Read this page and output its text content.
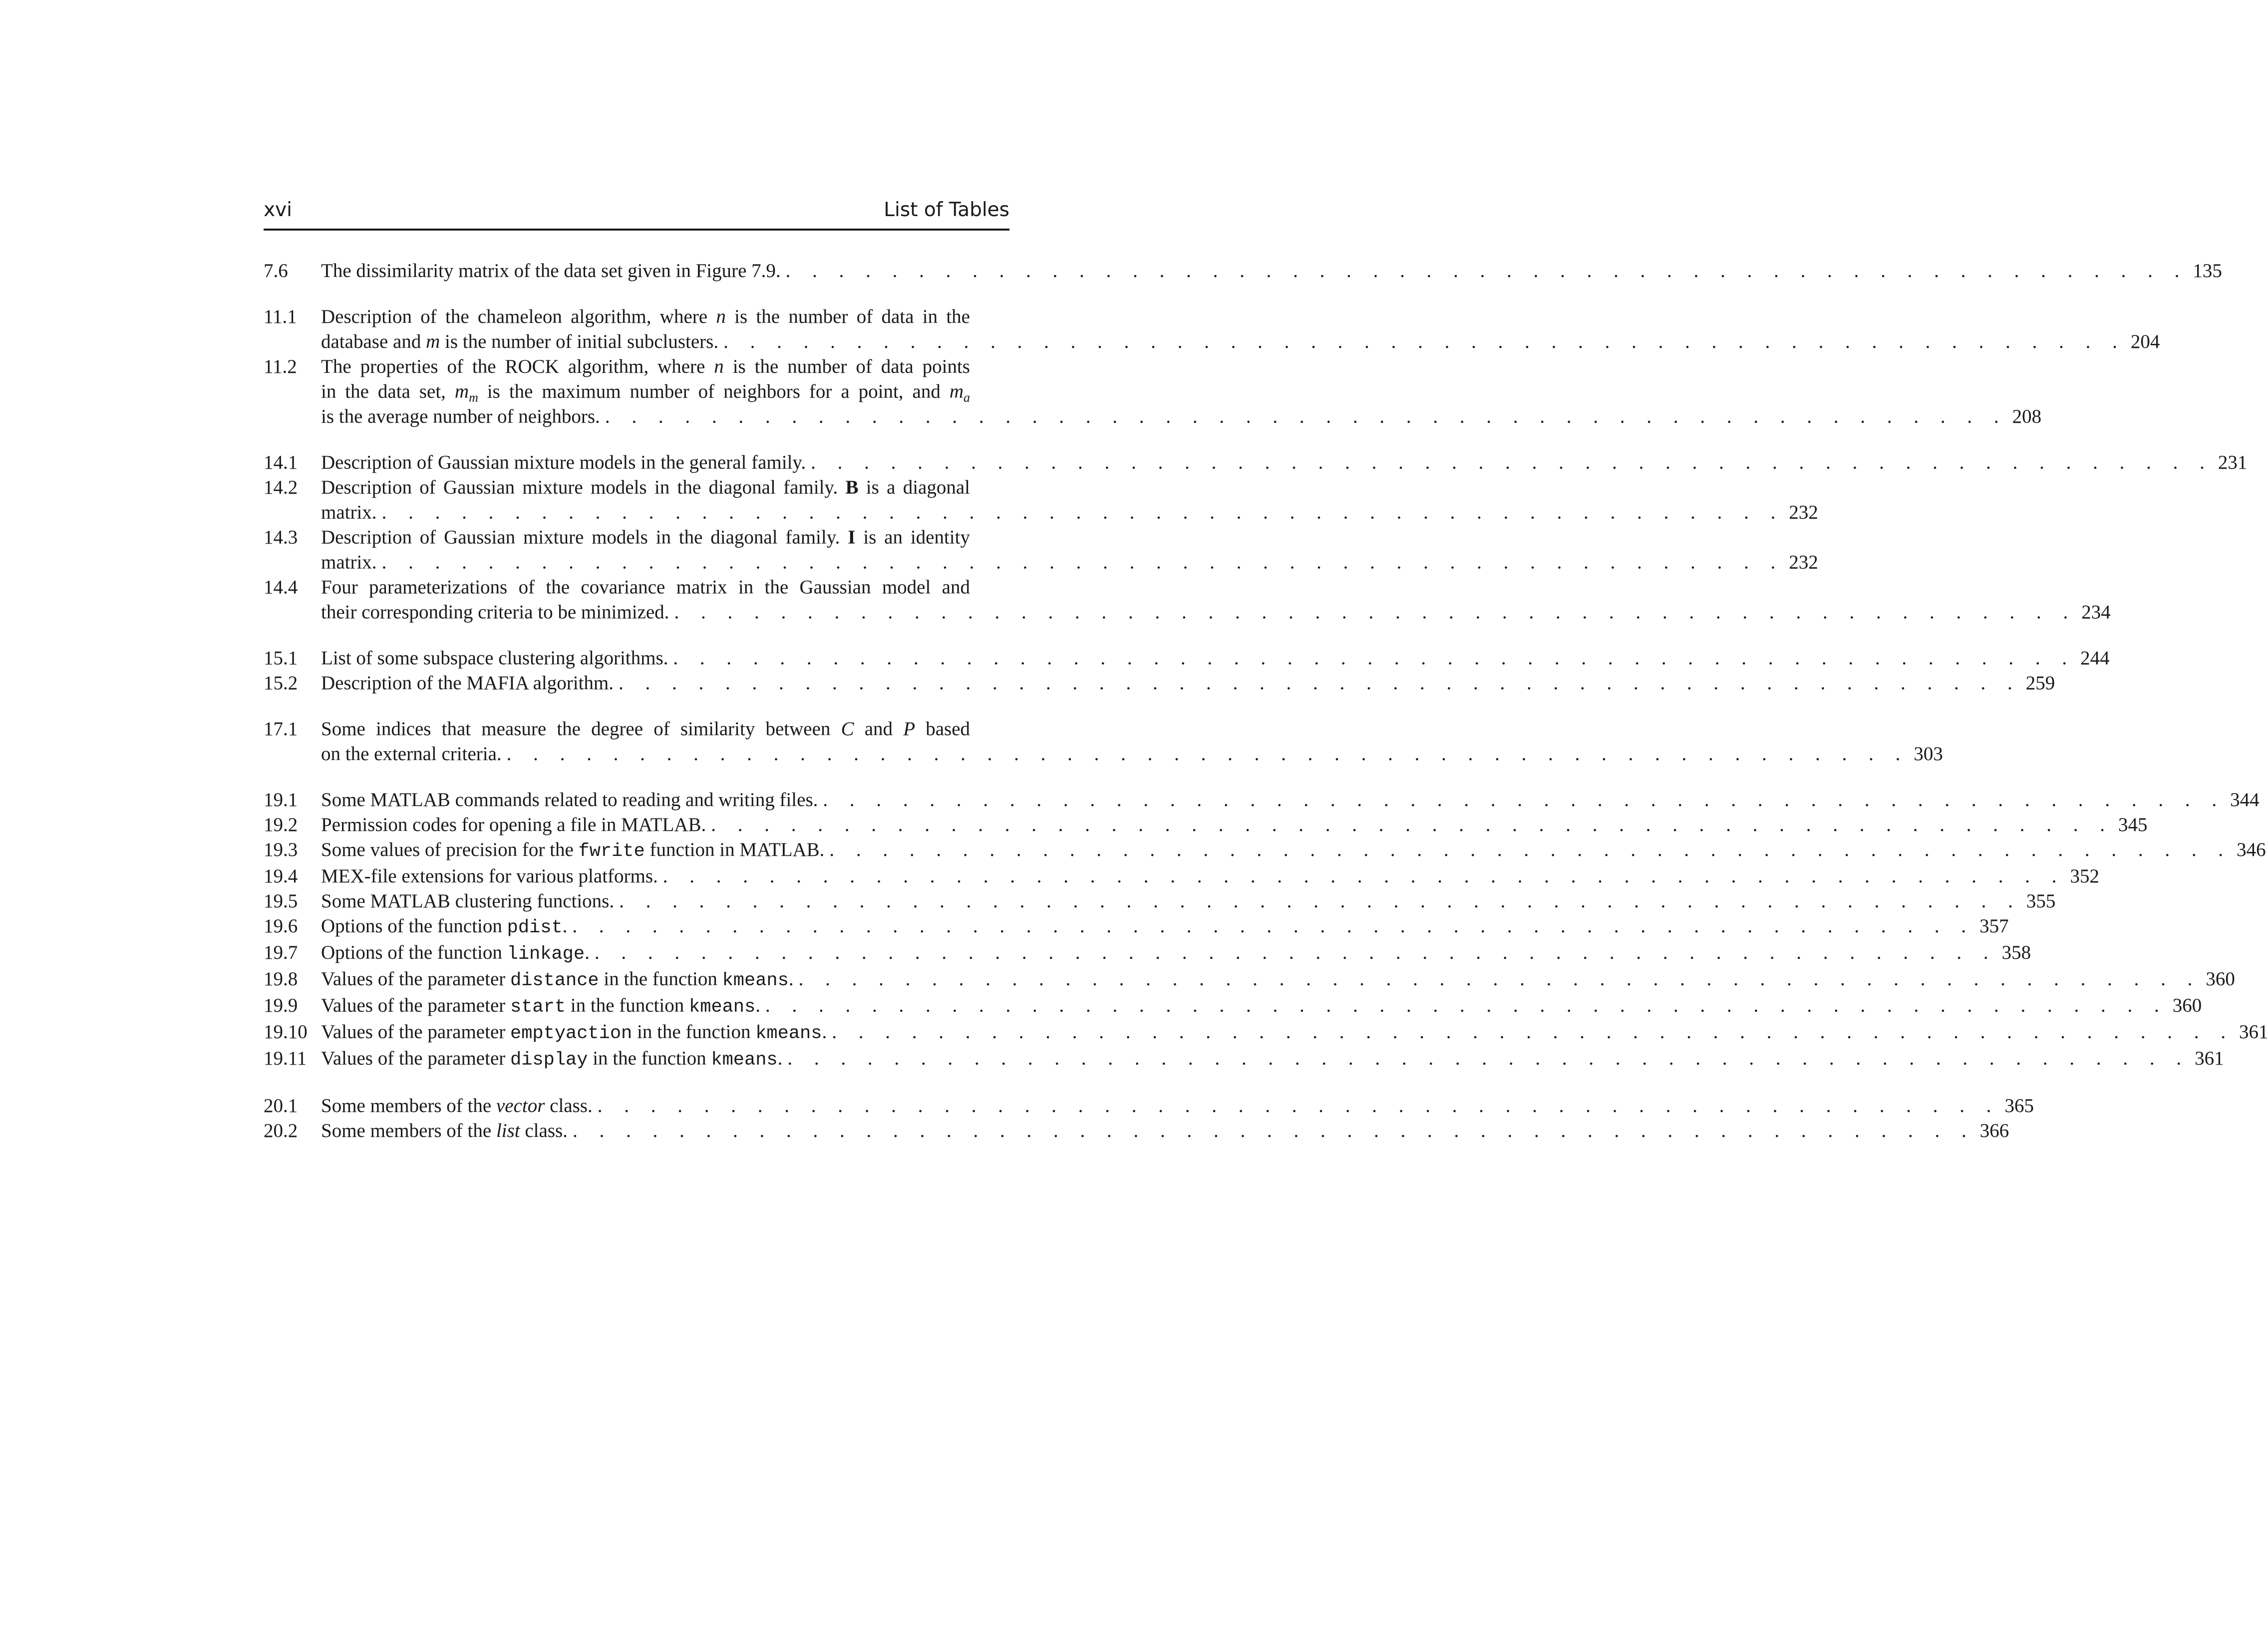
xvi	List of Tables
7.6 The dissimilarity matrix of the data set given in Figure 7.9. . . . . . . . . . . . . . . . . . . . . . . . . . . . . . . . . . . . . . . . . . . . . . . . . . . . . . 135
11.1 Description of the chameleon algorithm, where n is the number of data in the
database and m is the number of initial subclusters. . . . . . . . . . . . . . . . . . . . . . . . . . . . . . . . . . . . . . . . . . . . . . . . . . . . . . 204
11.2 The properties of the ROCK algorithm, where n is the number of data points
in the data set, $m_m$ is the maximum number of neighbors for a point, and $m_a$
is the average number of neighbors. . . . . . . . . . . . . . . . . . . . . . . . . . . . . . . . . . . . . . . . . . . . . . . . . . . . . . 208
14.1 Description of Gaussian mixture models in the general family. . . . . . . . . . . . . . . . . . . . . . . . . . . . . . . . . . . . . . . . . . . . . . . . . . . . . . 231
14.2 Description of Gaussian mixture models in the diagonal family. B is a diagonal
matrix. . . . . . . . . . . . . . . . . . . . . . . . . . . . . . . . . . . . . . . . . . . . . . . . . . . . . . 232
14.3 Description of Gaussian mixture models in the diagonal family. I is an identity
matrix. . . . . . . . . . . . . . . . . . . . . . . . . . . . . . . . . . . . . . . . . . . . . . . . . . . . . . 232
14.4 Four parameterizations of the covariance matrix in the Gaussian model and
their corresponding criteria to be minimized. . . . . . . . . . . . . . . . . . . . . . . . . . . . . . . . . . . . . . . . . . . . . . . . . . . . . . 234
15.1 List of some subspace clustering algorithms. . . . . . . . . . . . . . . . . . . . . . . . . . . . . . . . . . . . . . . . . . . . . . . . . . . . . . 244
15.2 Description of the MAFIA algorithm. . . . . . . . . . . . . . . . . . . . . . . . . . . . . . . . . . . . . . . . . . . . . . . . . . . . . . 259
17.1 Some indices that measure the degree of similarity between C and P based
on the external criteria. . . . . . . . . . . . . . . . . . . . . . . . . . . . . . . . . . . . . . . . . . . . . . . . . . . . . . 303
19.1 Some MATLAB commands related to reading and writing files. . . . . . . . . . . . . . . . . . . . . . . . . . . . . . . . . . . . . . . . . . . . . . . . . . . . . . 344
19.2 Permission codes for opening a file in MATLAB. . . . . . . . . . . . . . . . . . . . . . . . . . . . . . . . . . . . . . . . . . . . . . . . . . . . . . 345
19.3 Some values of precision for the fwrite function in MATLAB. . . . . . . . . . . . . . . . . . . . . . . . . . . . . . . . . . . . . . . . . . . . . . . . . . . . . . 346
19.4 MEX-file extensions for various platforms. . . . . . . . . . . . . . . . . . . . . . . . . . . . . . . . . . . . . . . . . . . . . . . . . . . . . . 352
19.5 Some MATLAB clustering functions. . . . . . . . . . . . . . . . . . . . . . . . . . . . . . . . . . . . . . . . . . . . . . . . . . . . . . 355
19.6 Options of the function pdist. . . . . . . . . . . . . . . . . . . . . . . . . . . . . . . . . . . . . . . . . . . . . . . . . . . . . . 357
19.7 Options of the function linkage. . . . . . . . . . . . . . . . . . . . . . . . . . . . . . . . . . . . . . . . . . . . . . . . . . . . . . 358
19.8 Values of the parameter distance in the function kmeans. . . . . . . . . . . . . . . . . . . . . . . . . . . . . . . . . . . . . . . . . . . . . . . . . . . . . . 360
19.9 Values of the parameter start in the function kmeans. . . . . . . . . . . . . . . . . . . . . . . . . . . . . . . . . . . . . . . . . . . . . . . . . . . . . . 360
19.10 Values of the parameter emptyaction in the function kmeans. . . . . . . . . . . . . . . . . . . . . . . . . . . . . . . . . . . . . . . . . . . . . . . . . . . . . . 361
19.11 Values of the parameter display in the function kmeans. . . . . . . . . . . . . . . . . . . . . . . . . . . . . . . . . . . . . . . . . . . . . . . . . . . . . . 361
20.1 Some members of the vector class. . . . . . . . . . . . . . . . . . . . . . . . . . . . . . . . . . . . . . . . . . . . . . . . . . . . . . 365
20.2 Some members of the list class. . . . . . . . . . . . . . . . . . . . . . . . . . . . . . . . . . . . . . . . . . . . . . . . . . . . . . 366
